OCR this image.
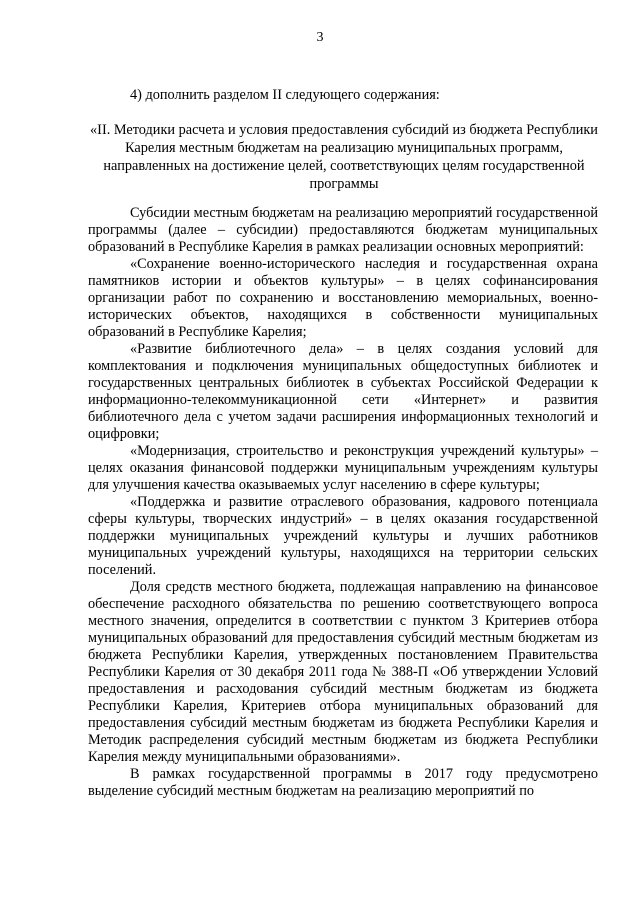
3
4) дополнить разделом II следующего содержания:
«II. Методики расчета и условия предоставления субсидий из бюджета Республики Карелия местным бюджетам на реализацию муниципальных программ, направленных на достижение целей, соответствующих целям государственной программы

Субсидии местным бюджетам на реализацию мероприятий государственной программы (далее – субсидии) предоставляются бюджетам муниципальных образований в Республике Карелия в рамках реализации основных мероприятий:

«Сохранение военно-исторического наследия и государственная охрана памятников истории и объектов культуры» – в целях софинансирования организации работ по сохранению и восстановлению мемориальных, военно-исторических объектов, находящихся в собственности муниципальных образований в Республике Карелия;

«Развитие библиотечного дела» – в целях создания условий для комплектования и подключения муниципальных общедоступных библиотек и государственных центральных библиотек в субъектах Российской Федерации к информационно-телекоммуникационной сети «Интернет» и развития библиотечного дела с учетом задачи расширения информационных технологий и оцифровки;

«Модернизация, строительство и реконструкция учреждений культуры» – целях оказания финансовой поддержки муниципальным учреждениям культуры для улучшения качества оказываемых услуг населению в сфере культуры;

«Поддержка и развитие отраслевого образования, кадрового потенциала сферы культуры, творческих индустрий» – в целях оказания государственной поддержки муниципальных учреждений культуры и лучших работников муниципальных учреждений культуры, находящихся на территории сельских поселений.

Доля средств местного бюджета, подлежащая направлению на финансовое обеспечение расходного обязательства по решению соответствующего вопроса местного значения, определится в соответствии с пунктом 3 Критериев отбора муниципальных образований для предоставления субсидий местным бюджетам из бюджета Республики Карелия, утвержденных постановлением Правительства Республики Карелия от 30 декабря 2011 года № 388-П «Об утверждении Условий предоставления и расходования субсидий местным бюджетам из бюджета Республики Карелия, Критериев отбора муниципальных образований для предоставления субсидий местным бюджетам из бюджета Республики Карелия и Методик распределения субсидий местным бюджетам из бюджета Республики Карелия между муниципальными образованиями».

В рамках государственной программы в 2017 году предусмотрено выделение субсидий местным бюджетам на реализацию мероприятий по
